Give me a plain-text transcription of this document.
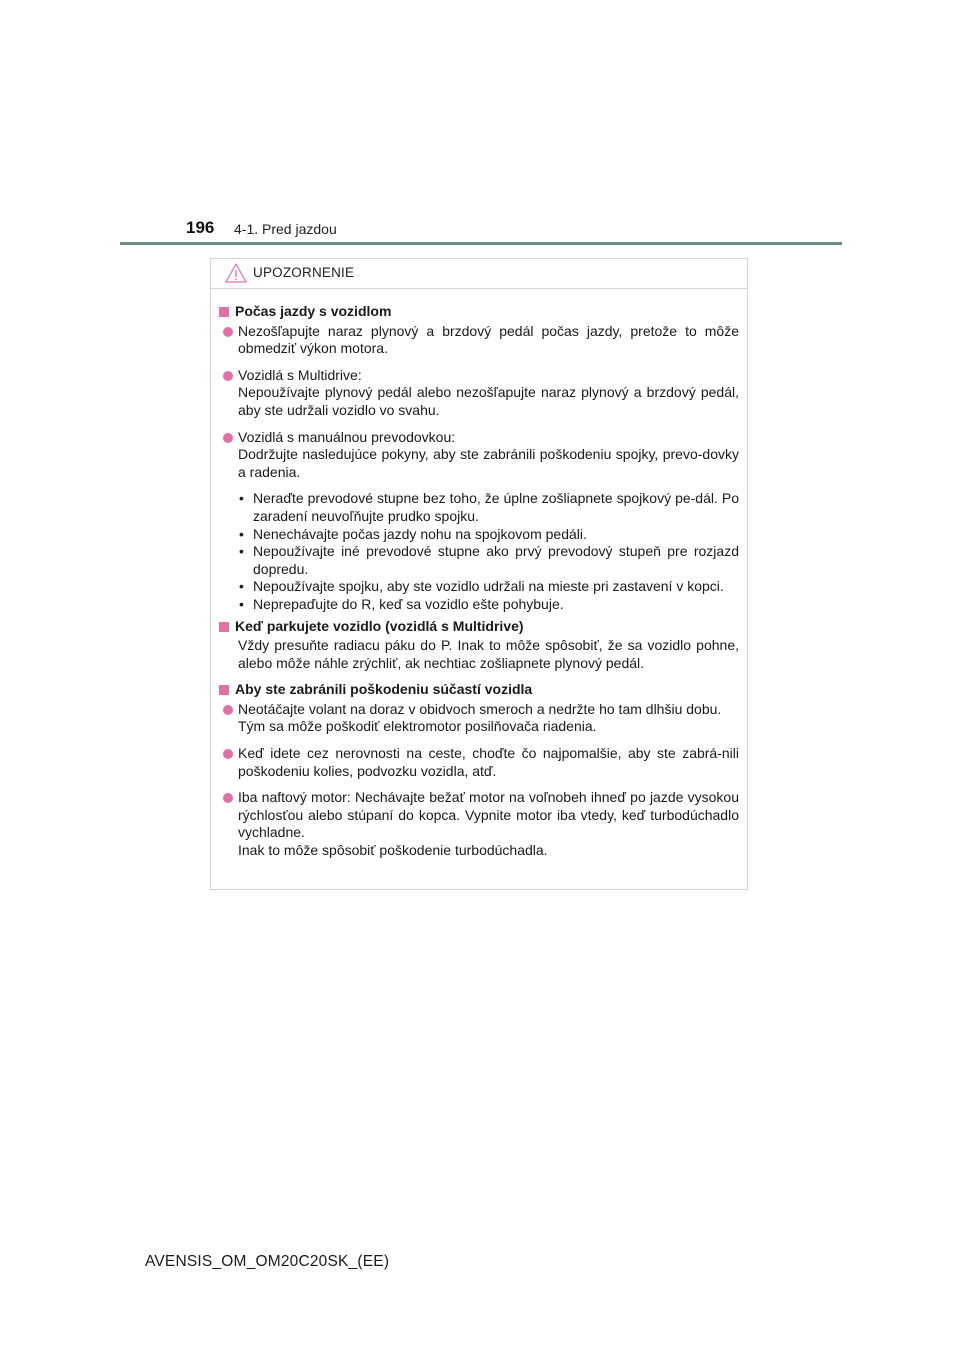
196 4-1. Pred jazdou
UPOZORNENIE
Počas jazdy s vozidlom
Nezošľapujte naraz plynový a brzdový pedál počas jazdy, pretože to môže obmedziť výkon motora.
Vozidlá s Multidrive:
Nepoužívajte plynový pedál alebo nezošľapujte naraz plynový a brzdový pedál, aby ste udržali vozidlo vo svahu.
Vozidlá s manuálnou prevodovkou:
Dodržujte nasledujúce pokyny, aby ste zabránili poškodeniu spojky, prevo-dovky a radenia.
• Neraďte prevodové stupne bez toho, že úplne zošliapnete spojkový pe-dál. Po zaradení neuvoľňujte prudko spojku.
• Nenechávajte počas jazdy nohu na spojkovom pedáli.
• Nepoužívajte iné prevodové stupne ako prvý prevodový stupeň pre rozjazd dopredu.
• Nepoužívajte spojku, aby ste vozidlo udržali na mieste pri zastavení v kopci.
• Neprераďujte do R, keď sa vozidlo ešte pohybuje.
Keď parkujete vozidlo (vozidlá s Multidrive)
Vždy presuňte radiacu páku do P. Inak to môže spôsobiť, že sa vozidlo pohne, alebo môže náhle zrýchliť, ak nechtiac zošliapnete plynový pedál.
Aby ste zabránili poškodeniu súčastí vozidla
Neotáčajte volant na doraz v obidvoch smeroch a nedržte ho tam dlhšiu dobu.
Tým sa môže poškodiť elektromotor posilňovača riadenia.
Keď idete cez nerovnosti na ceste, choďte čo najpomalšie, aby ste zabrá-nili poškodeniu kolies, podvozku vozidla, atď.
Iba naftový motor: Nechávajte bežať motor na voľnobeh ihneď po jazde vysokou rýchlosťou alebo stúpaní do kopca. Vypnite motor iba vtedy, keď turbodúchadlo vychladne.
Inak to môže spôsobiť poškodenie turbodúchadla.
AVENSIS_OM_OM20C20SK_(EE)
